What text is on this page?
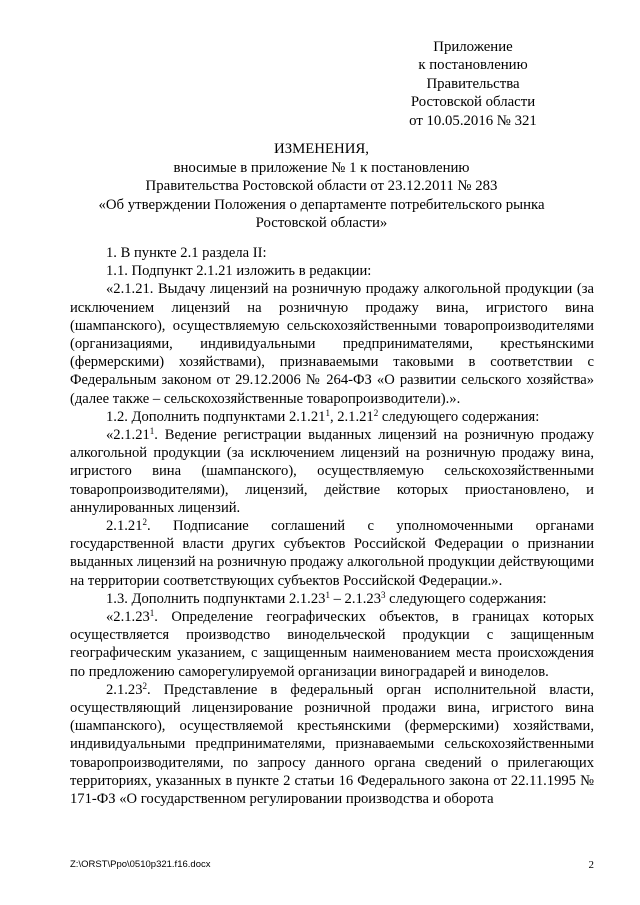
Приложение
к постановлению
Правительства
Ростовской области
от 10.05.2016 № 321
ИЗМЕНЕНИЯ,
вносимые в приложение № 1 к постановлению
Правительства Ростовской области от 23.12.2011 № 283
«Об утверждении Положения о департаменте потребительского рынка
Ростовской области»

1. В пункте 2.1 раздела II:

1.1. Подпункт 2.1.21 изложить в редакции:

«2.1.21. Выдачу лицензий на розничную продажу алкогольной продукции (за исключением лицензий на розничную продажу вина, игристого вина (шампанского), осуществляемую сельскохозяйственными товаропроизводителями (организациями, индивидуальными предпринимателями, крестьянскими (фермерскими) хозяйствами), признаваемыми таковыми в соответствии с Федеральным законом от 29.12.2006 № 264-ФЗ «О развитии сельского хозяйства» (далее также – сельскохозяйственные товаропроизводители).».

1.2. Дополнить подпунктами 2.1.21$^1$, 2.1.21$^2$ следующего содержания:

«2.1.21$^1$. Ведение регистрации выданных лицензий на розничную продажу алкогольной продукции (за исключением лицензий на розничную продажу вина, игристого вина (шампанского), осуществляемую сельскохозяйственными товаропроизводителями), лицензий, действие которых приостановлено, и аннулированных лицензий.

2.1.21$^2$. Подписание соглашений с уполномоченными органами государственной власти других субъектов Российской Федерации о признании выданных лицензий на розничную продажу алкогольной продукции действующими на территории соответствующих субъектов Российской Федерации.».

1.3. Дополнить подпунктами 2.1.23$^1$ – 2.1.23$^3$ следующего содержания:

«2.1.23$^1$. Определение географических объектов, в границах которых осуществляется производство винодельческой продукции с защищенным географическим указанием, с защищенным наименованием места происхождения по предложению саморегулируемой организации виноградарей и виноделов.

2.1.23$^2$. Представление в федеральный орган исполнительной власти, осуществляющий лицензирование розничной продажи вина, игристого вина (шампанского), осуществляемой крестьянскими (фермерскими) хозяйствами, индивидуальными предпринимателями, признаваемыми сельскохозяйственными товаропроизводителями, по запросу данного органа сведений о прилегающих территориях, указанных в пункте 2 статьи 16 Федерального закона от 22.11.1995 № 171-ФЗ «О государственном регулировании производства и оборота

Z:\ORST\Ppo\0510p321.f16.docx	2
